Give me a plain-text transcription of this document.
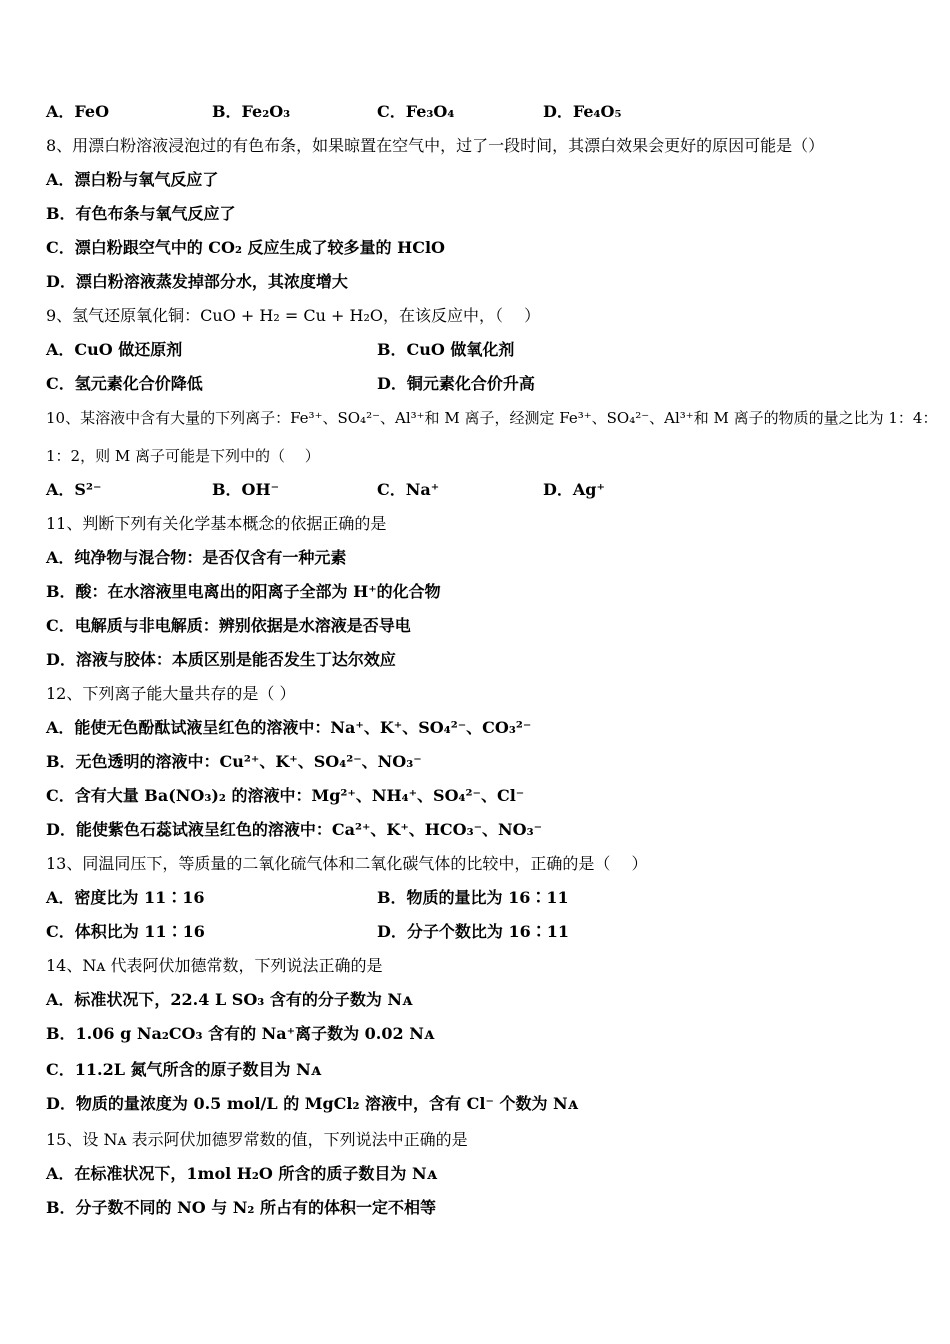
A．FeO	B．Fe₂O₃	C．Fe₃O₄	D．Fe₄O₅
8、用漂白粉溶液浸泡过的有色布条，如果晾置在空气中，过了一段时间，其漂白效果会更好的原因可能是（）
A．漂白粉与氧气反应了
B．有色布条与氧气反应了
C．漂白粉跟空气中的 CO₂ 反应生成了较多量的 HClO
D．漂白粉溶液蒸发掉部分水，其浓度增大
9、氢气还原氧化铜：CuO + H₂ = Cu + H₂O，在该反应中，（　 ）
A．CuO 做还原剂	B．CuO 做氧化剂
C．氢元素化合价降低	D．铜元素化合价升高
10、某溶液中含有大量的下列离子：Fe³⁺、SO₄²⁻、Al³⁺和 M 离子，经测定 Fe³⁺、SO₄²⁻、Al³⁺和 M 离子的物质的量之比为 1：4：
1：2，则 M 离子可能是下列中的（　 ）
A．S²⁻	B．OH⁻	C．Na⁺	D．Ag⁺
11、判断下列有关化学基本概念的依据正确的是
A．纯净物与混合物：是否仅含有一种元素
B．酸：在水溶液里电离出的阳离子全部为 H⁺的化合物
C．电解质与非电解质：辨别依据是水溶液是否导电
D．溶液与胶体：本质区别是能否发生丁达尔效应
12、下列离子能大量共存的是（ ）
A．能使无色酚酞试液呈红色的溶液中：Na⁺、K⁺、SO₄²⁻、CO₃²⁻
B．无色透明的溶液中：Cu²⁺、K⁺、SO₄²⁻、NO₃⁻
C．含有大量 Ba(NO₃)₂ 的溶液中：Mg²⁺、NH₄⁺、SO₄²⁻、Cl⁻
D．能使紫色石蕊试液呈红色的溶液中：Ca²⁺、K⁺、HCO₃⁻、NO₃⁻
13、同温同压下，等质量的二氧化硫气体和二氧化碳气体的比较中，正确的是（　 ）
A．密度比为 11∶16	B．物质的量比为 16∶11
C．体积比为 11∶16	D．分子个数比为 16∶11
14、Nᴀ 代表阿伏加德常数，下列说法正确的是
A．标准状况下，22.4 L SO₃ 含有的分子数为 Nᴀ
B．1.06 g Na₂CO₃ 含有的 Na⁺离子数为 0.02 Nᴀ
C．11.2L 氮气所含的原子数目为 Nᴀ
D．物质的量浓度为 0.5 mol/L 的 MgCl₂ 溶液中，含有 Cl⁻ 个数为 Nᴀ
15、设 Nᴀ 表示阿伏加德罗常数的值，下列说法中正确的是
A．在标准状况下，1mol H₂O 所含的质子数目为 Nᴀ
B．分子数不同的 NO 与 N₂ 所占有的体积一定不相等
